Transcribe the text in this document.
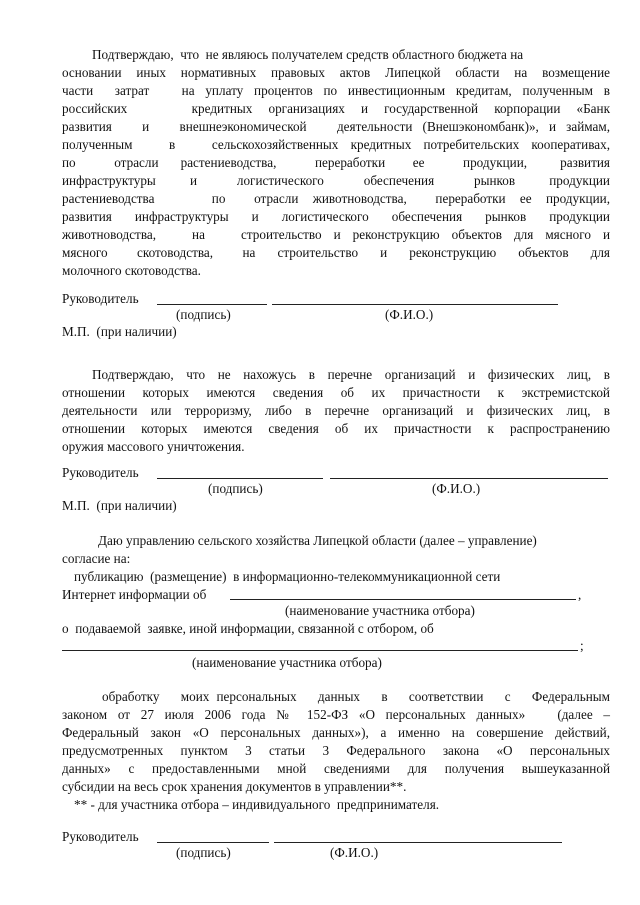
Подтверждаю,  что  не являюсь получателем средств областного бюджета на
основании иных нормативных правовых актов Липецкой области на возмещение
части  затрат   на уплату процентов по инвестиционным кредитам, полученным в
российских    кредитных организациях и государственной корпорации «Банк
развития   и   внешнеэкономической   деятельности (Внешэкономбанк)», и займам,
полученным   в   сельскохозяйственных кредитных потребительских кооперативах,
по       отрасли    растениеводства,       переработки     ее       продукции,      развития
инфраструктуры      и       логистического       обеспечения       рынков      продукции
растениеводства    по  отрасли животноводства,  переработки ее продукции,
развития  инфраструктуры  и  логистического  обеспечения  рынков  продукции
животноводства,   на   строительство и реконструкцию объектов для мясного и
мясного    скотоводства,    на   строительство   и   реконструкцию   объектов   для
молочного скотоводства.
Руководитель
(подпись)	(Ф.И.О.)
М.П.  (при наличии)
Подтверждаю, что не нахожусь в перечне организаций и физических лиц, в
отношении которых имеются сведения об их причастности к экстремистской
деятельности или терроризму, либо в перечне организаций и физических лиц, в
отношении которых имеются сведения об их причастности к распространению
оружия массового уничтожения.
Руководитель
(подпись)	(Ф.И.О.)
М.П.  (при наличии)
Даю управлению сельского хозяйства Липецкой области (далее – управление)
согласие на:
публикацию  (размещение)  в информационно-телекоммуникационной сети
Интернет информации об	,
(наименование участника отбора)
о  подаваемой  заявке, иной информации, связанной с отбором, об
;
(наименование участника отбора)
обработку   моих персональных   данных   в   соответствии   с   Федеральным
законом от 27 июля 2006 года № 152-ФЗ «О персональных данных»   (далее –
Федеральный закон «О персональных данных»), а именно на совершение действий,
предусмотренных пунктом 3 статьи 3 Федерального закона «О персональных
данных» с предоставленными мной сведениями для получения вышеуказанной
субсидии на весь срок хранения документов в управлении**.
** - для участника отбора – индивидуального  предпринимателя.
Руководитель
(подпись)	(Ф.И.О.)
